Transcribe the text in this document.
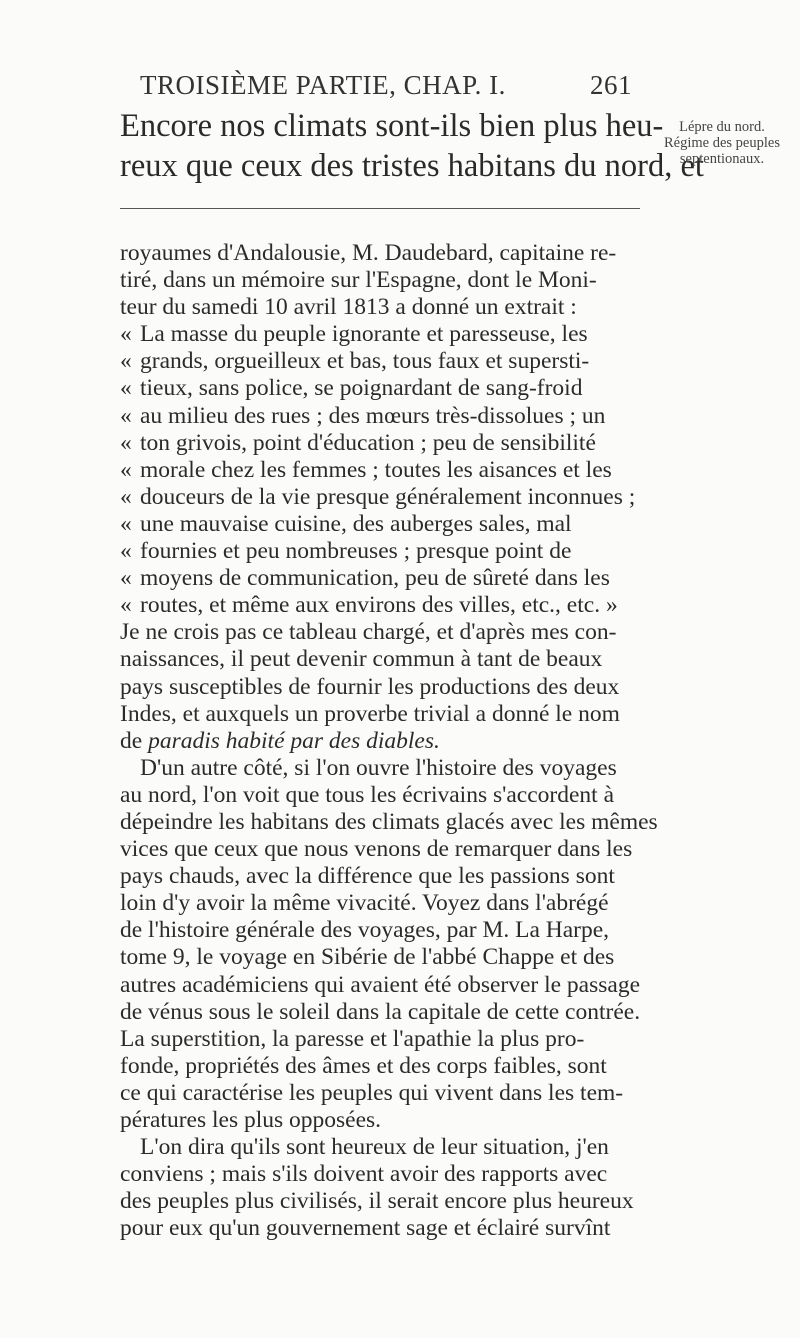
TROISIÈME PARTIE, CHAP. I.	261
Encore nos climats sont-ils bien plus heu-
reux que ceux des tristes habitans du nord, et
Lépre du nord.
Régime des peuples septentionaux.
royaumes d'Andalousie, M. Daudebard, capitaine re-
tiré, dans un mémoire sur l'Espagne, dont le Moni-
teur du samedi 10 avril 1813 a donné un extrait :
« La masse du peuple ignorante et paresseuse, les
« grands, orgueilleux et bas, tous faux et supersti-
« tieux, sans police, se poignardant de sang-froid
« au milieu des rues ; des mœurs très-dissolues ; un
« ton grivois, point d'éducation ; peu de sensibilité
« morale chez les femmes ; toutes les aisances et les
« douceurs de la vie presque généralement inconnues ;
« une mauvaise cuisine, des auberges sales, mal
« fournies et peu nombreuses ; presque point de
« moyens de communication, peu de sûreté dans les
« routes, et même aux environs des villes, etc., etc. »
Je ne crois pas ce tableau chargé, et d'après mes con-
naissances, il peut devenir commun à tant de beaux
pays susceptibles de fournir les productions des deux
Indes, et auxquels un proverbe trivial a donné le nom
de paradis habité par des diables.
D'un autre côté, si l'on ouvre l'histoire des voyages
au nord, l'on voit que tous les écrivains s'accordent à
dépeindre les habitans des climats glacés avec les mêmes
vices que ceux que nous venons de remarquer dans les
pays chauds, avec la différence que les passions sont
loin d'y avoir la même vivacité. Voyez dans l'abrégé
de l'histoire générale des voyages, par M. La Harpe,
tome 9, le voyage en Sibérie de l'abbé Chappe et des
autres académiciens qui avaient été observer le passage
de vénus sous le soleil dans la capitale de cette contrée.
La superstition, la paresse et l'apathie la plus pro-
fonde, propriétés des âmes et des corps faibles, sont
ce qui caractérise les peuples qui vivent dans les tem-
pératures les plus opposées.
L'on dira qu'ils sont heureux de leur situation, j'en
conviens ; mais s'ils doivent avoir des rapports avec
des peuples plus civilisés, il serait encore plus heureux
pour eux qu'un gouvernement sage et éclairé survînt
